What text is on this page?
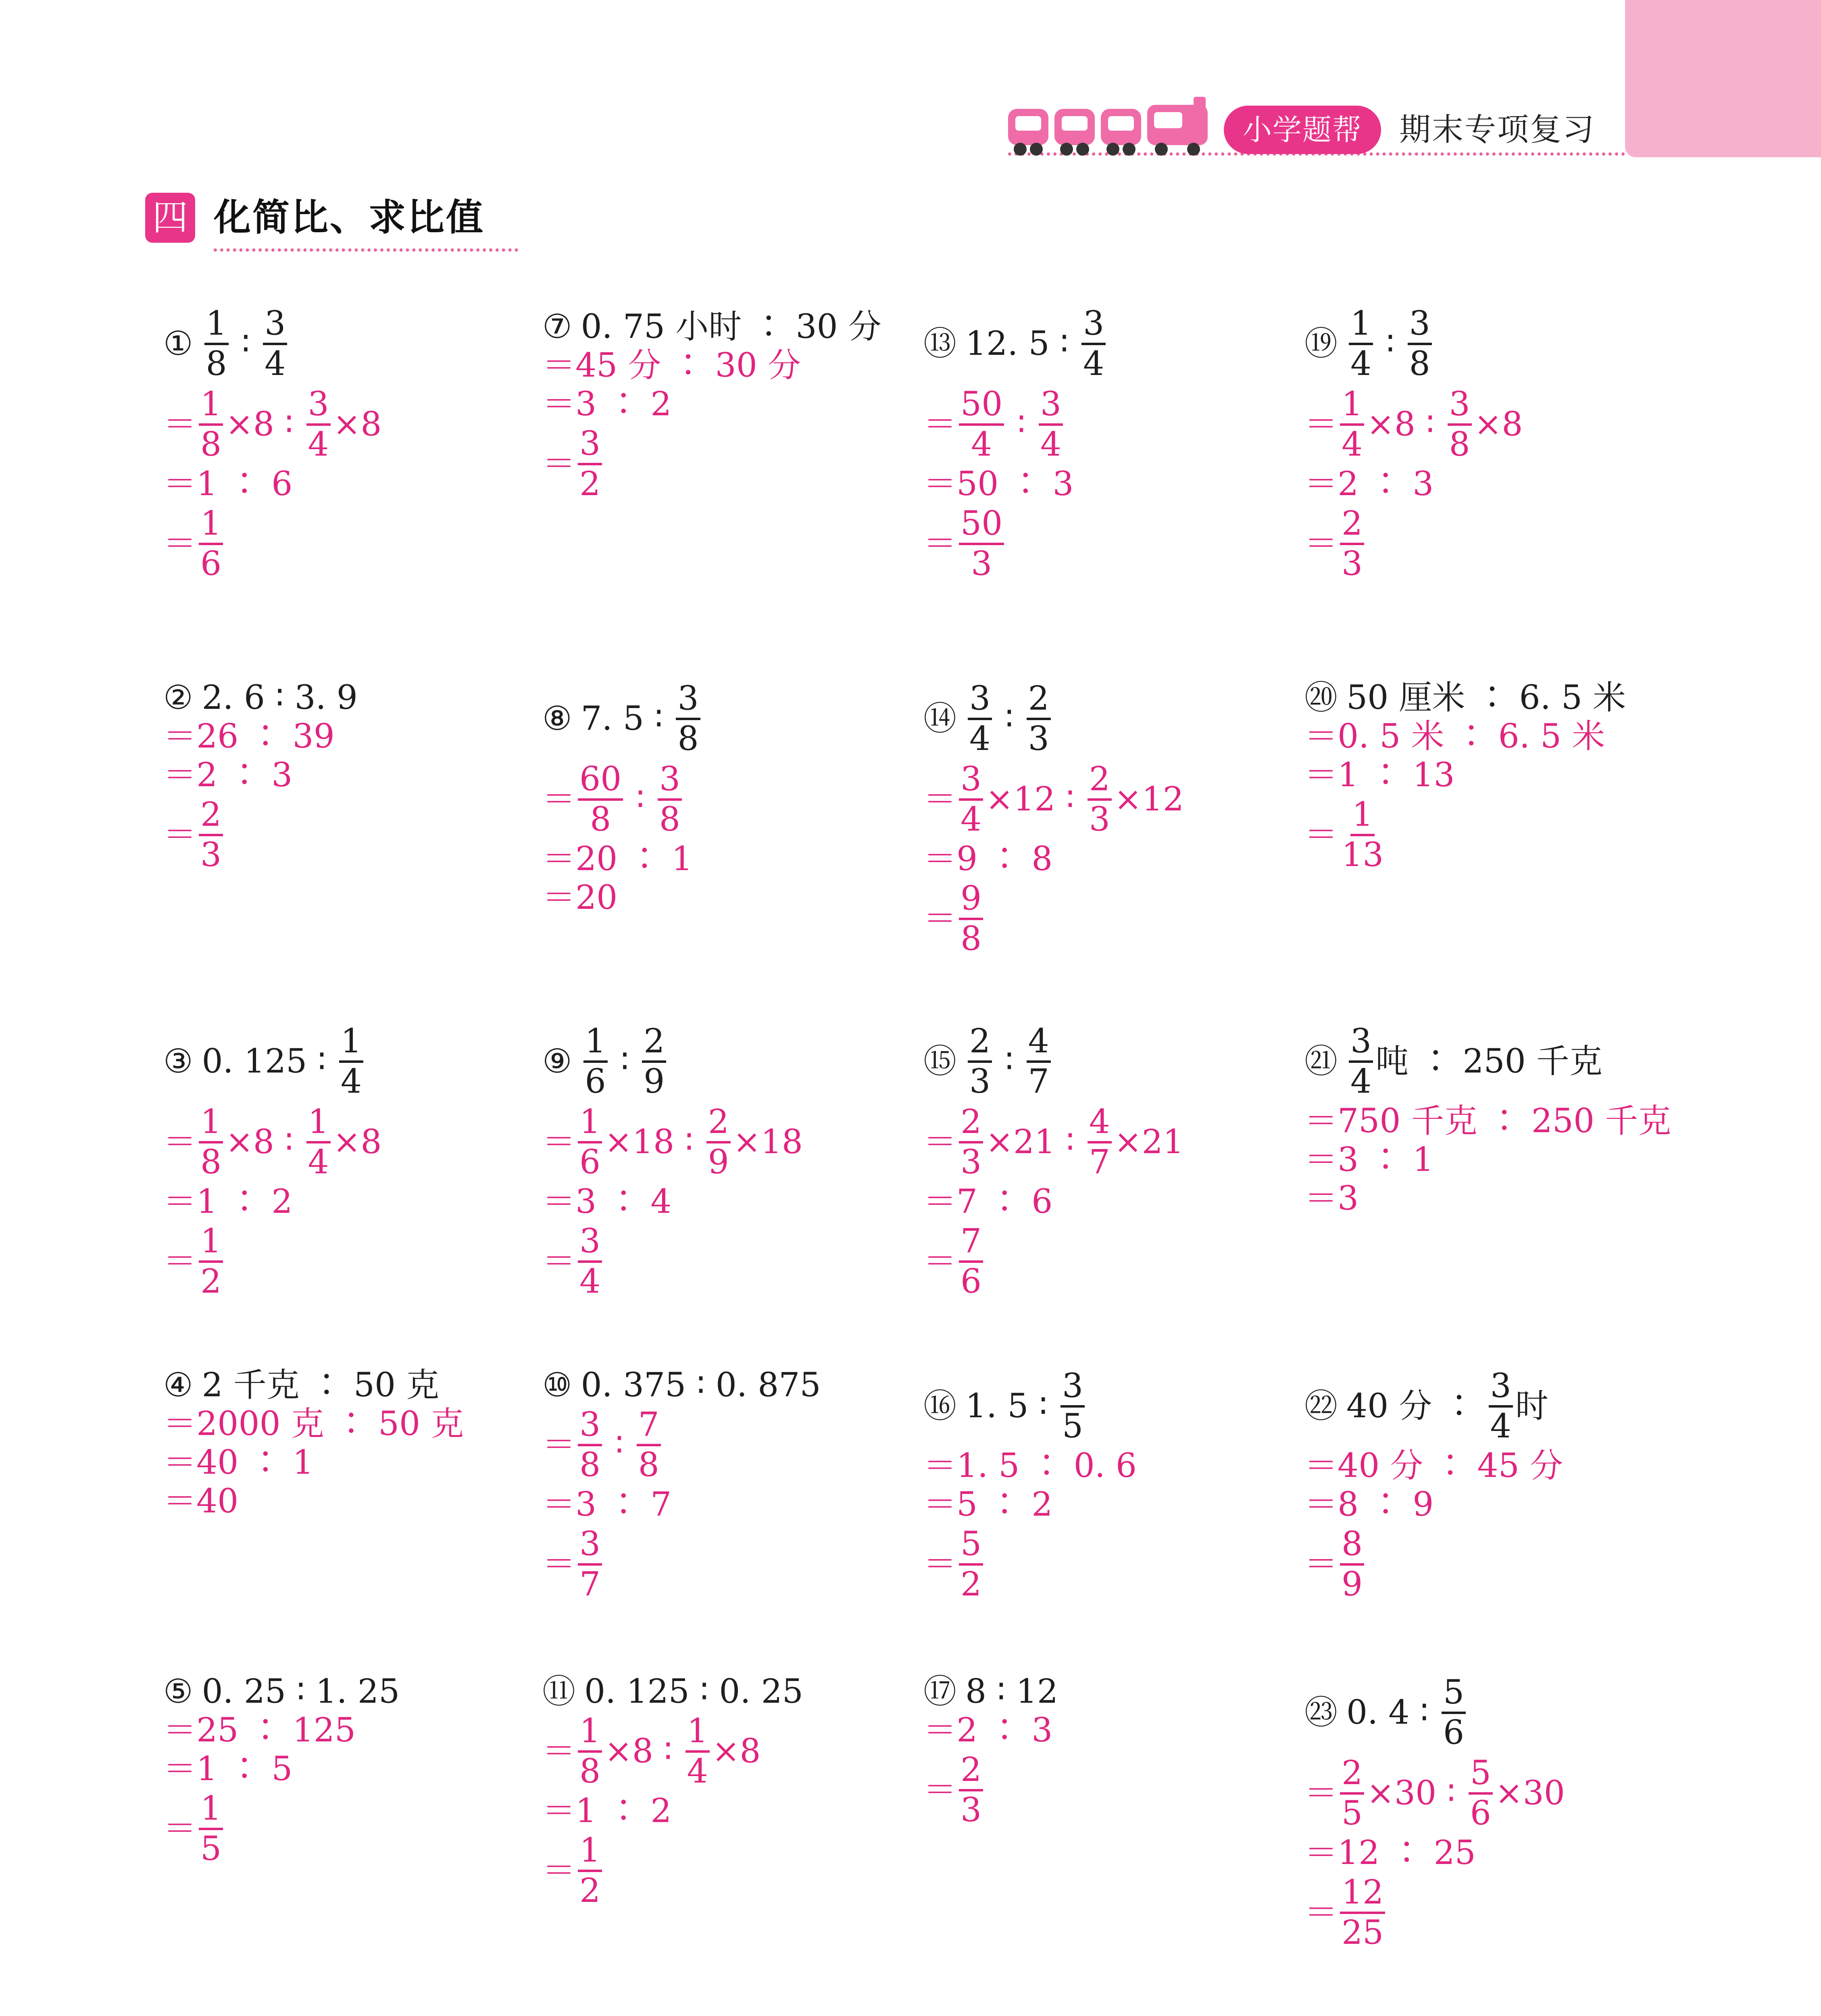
小学题帮	期末专项复习
四 化简比、求比值
① $\frac{1}{8}$ ∶ $\frac{3}{4}$
＝ $\frac{1}{8} \times 8$ ∶ $\frac{3}{4} \times 8$
＝1 ∶ 6
＝ $\frac{1}{6}$
② 2. 6 ∶ 3. 9
＝26 ∶ 39
＝2 ∶ 3
＝ $\frac{2}{3}$
③ 0. 125 ∶ $\frac{1}{4}$
＝ $\frac{1}{8} \times 8$ ∶ $\frac{1}{4} \times 8$
＝1 ∶ 2
＝ $\frac{1}{2}$
④ 2 千克 ∶ 50 克
＝2000 克 ∶ 50 克
＝40 ∶ 1
＝40
⑤ 0. 25 ∶ 1. 25
＝25 ∶ 125
＝1 ∶ 5
＝ $\frac{1}{5}$
⑦ 0. 75 小时 ∶ 30 分
＝45 分 ∶ 30 分
＝3 ∶ 2
＝ $\frac{3}{2}$
⑧ 7. 5 ∶ $\frac{3}{8}$
＝ $\frac{60}{8}$ ∶ $\frac{3}{8}$
＝20 ∶ 1
＝20
⑨ $\frac{1}{6}$ ∶ $\frac{2}{9}$
＝ $\frac{1}{6} \times 18$ ∶ $\frac{2}{9} \times 18$
＝3 ∶ 4
＝ $\frac{3}{4}$
⑩ 0. 375 ∶ 0. 875
＝ $\frac{3}{8}$ ∶ $\frac{7}{8}$
＝3 ∶ 7
＝ $\frac{3}{7}$
⑪ 0. 125 ∶ 0. 25
＝ $\frac{1}{8} \times 8$ ∶ $\frac{1}{4} \times 8$
＝1 ∶ 2
＝ $\frac{1}{2}$
⑬ 12. 5 ∶ $\frac{3}{4}$
＝ $\frac{50}{4}$ ∶ $\frac{3}{4}$
＝50 ∶ 3
＝ $\frac{50}{3}$
⑭ $\frac{3}{4}$ ∶ $\frac{2}{3}$
＝ $\frac{3}{4} \times 12$ ∶ $\frac{2}{3} \times 12$
＝9 ∶ 8
＝ $\frac{9}{8}$
⑮ $\frac{2}{3}$ ∶ $\frac{4}{7}$
＝ $\frac{2}{3} \times 21$ ∶ $\frac{4}{7} \times 21$
＝7 ∶ 6
＝ $\frac{7}{6}$
⑯ 1. 5 ∶ $\frac{3}{5}$
＝1. 5 ∶ 0. 6
＝5 ∶ 2
＝ $\frac{5}{2}$
⑰ 8 ∶ 12
＝2 ∶ 3
＝ $\frac{2}{3}$
⑲ $\frac{1}{4}$ ∶ $\frac{3}{8}$
＝ $\frac{1}{4} \times 8$ ∶ $\frac{3}{8} \times 8$
＝2 ∶ 3
＝ $\frac{2}{3}$
⑳ 50 厘米 ∶ 6. 5 米
＝0. 5 米 ∶ 6. 5 米
＝1 ∶ 13
＝ $\frac{1}{13}$
㉑ $\frac{3}{4}$ 吨 ∶ 250 千克
＝750 千克 ∶ 250 千克
＝3 ∶ 1
＝3
㉒ 40 分 ∶ $\frac{3}{4}$ 时
＝40 分 ∶ 45 分
＝8 ∶ 9
＝ $\frac{8}{9}$
㉓ 0. 4 ∶ $\frac{5}{6}$
＝ $\frac{2}{5} \times 30$ ∶ $\frac{5}{6} \times 30$
＝12 ∶ 25
＝ $\frac{12}{25}$
